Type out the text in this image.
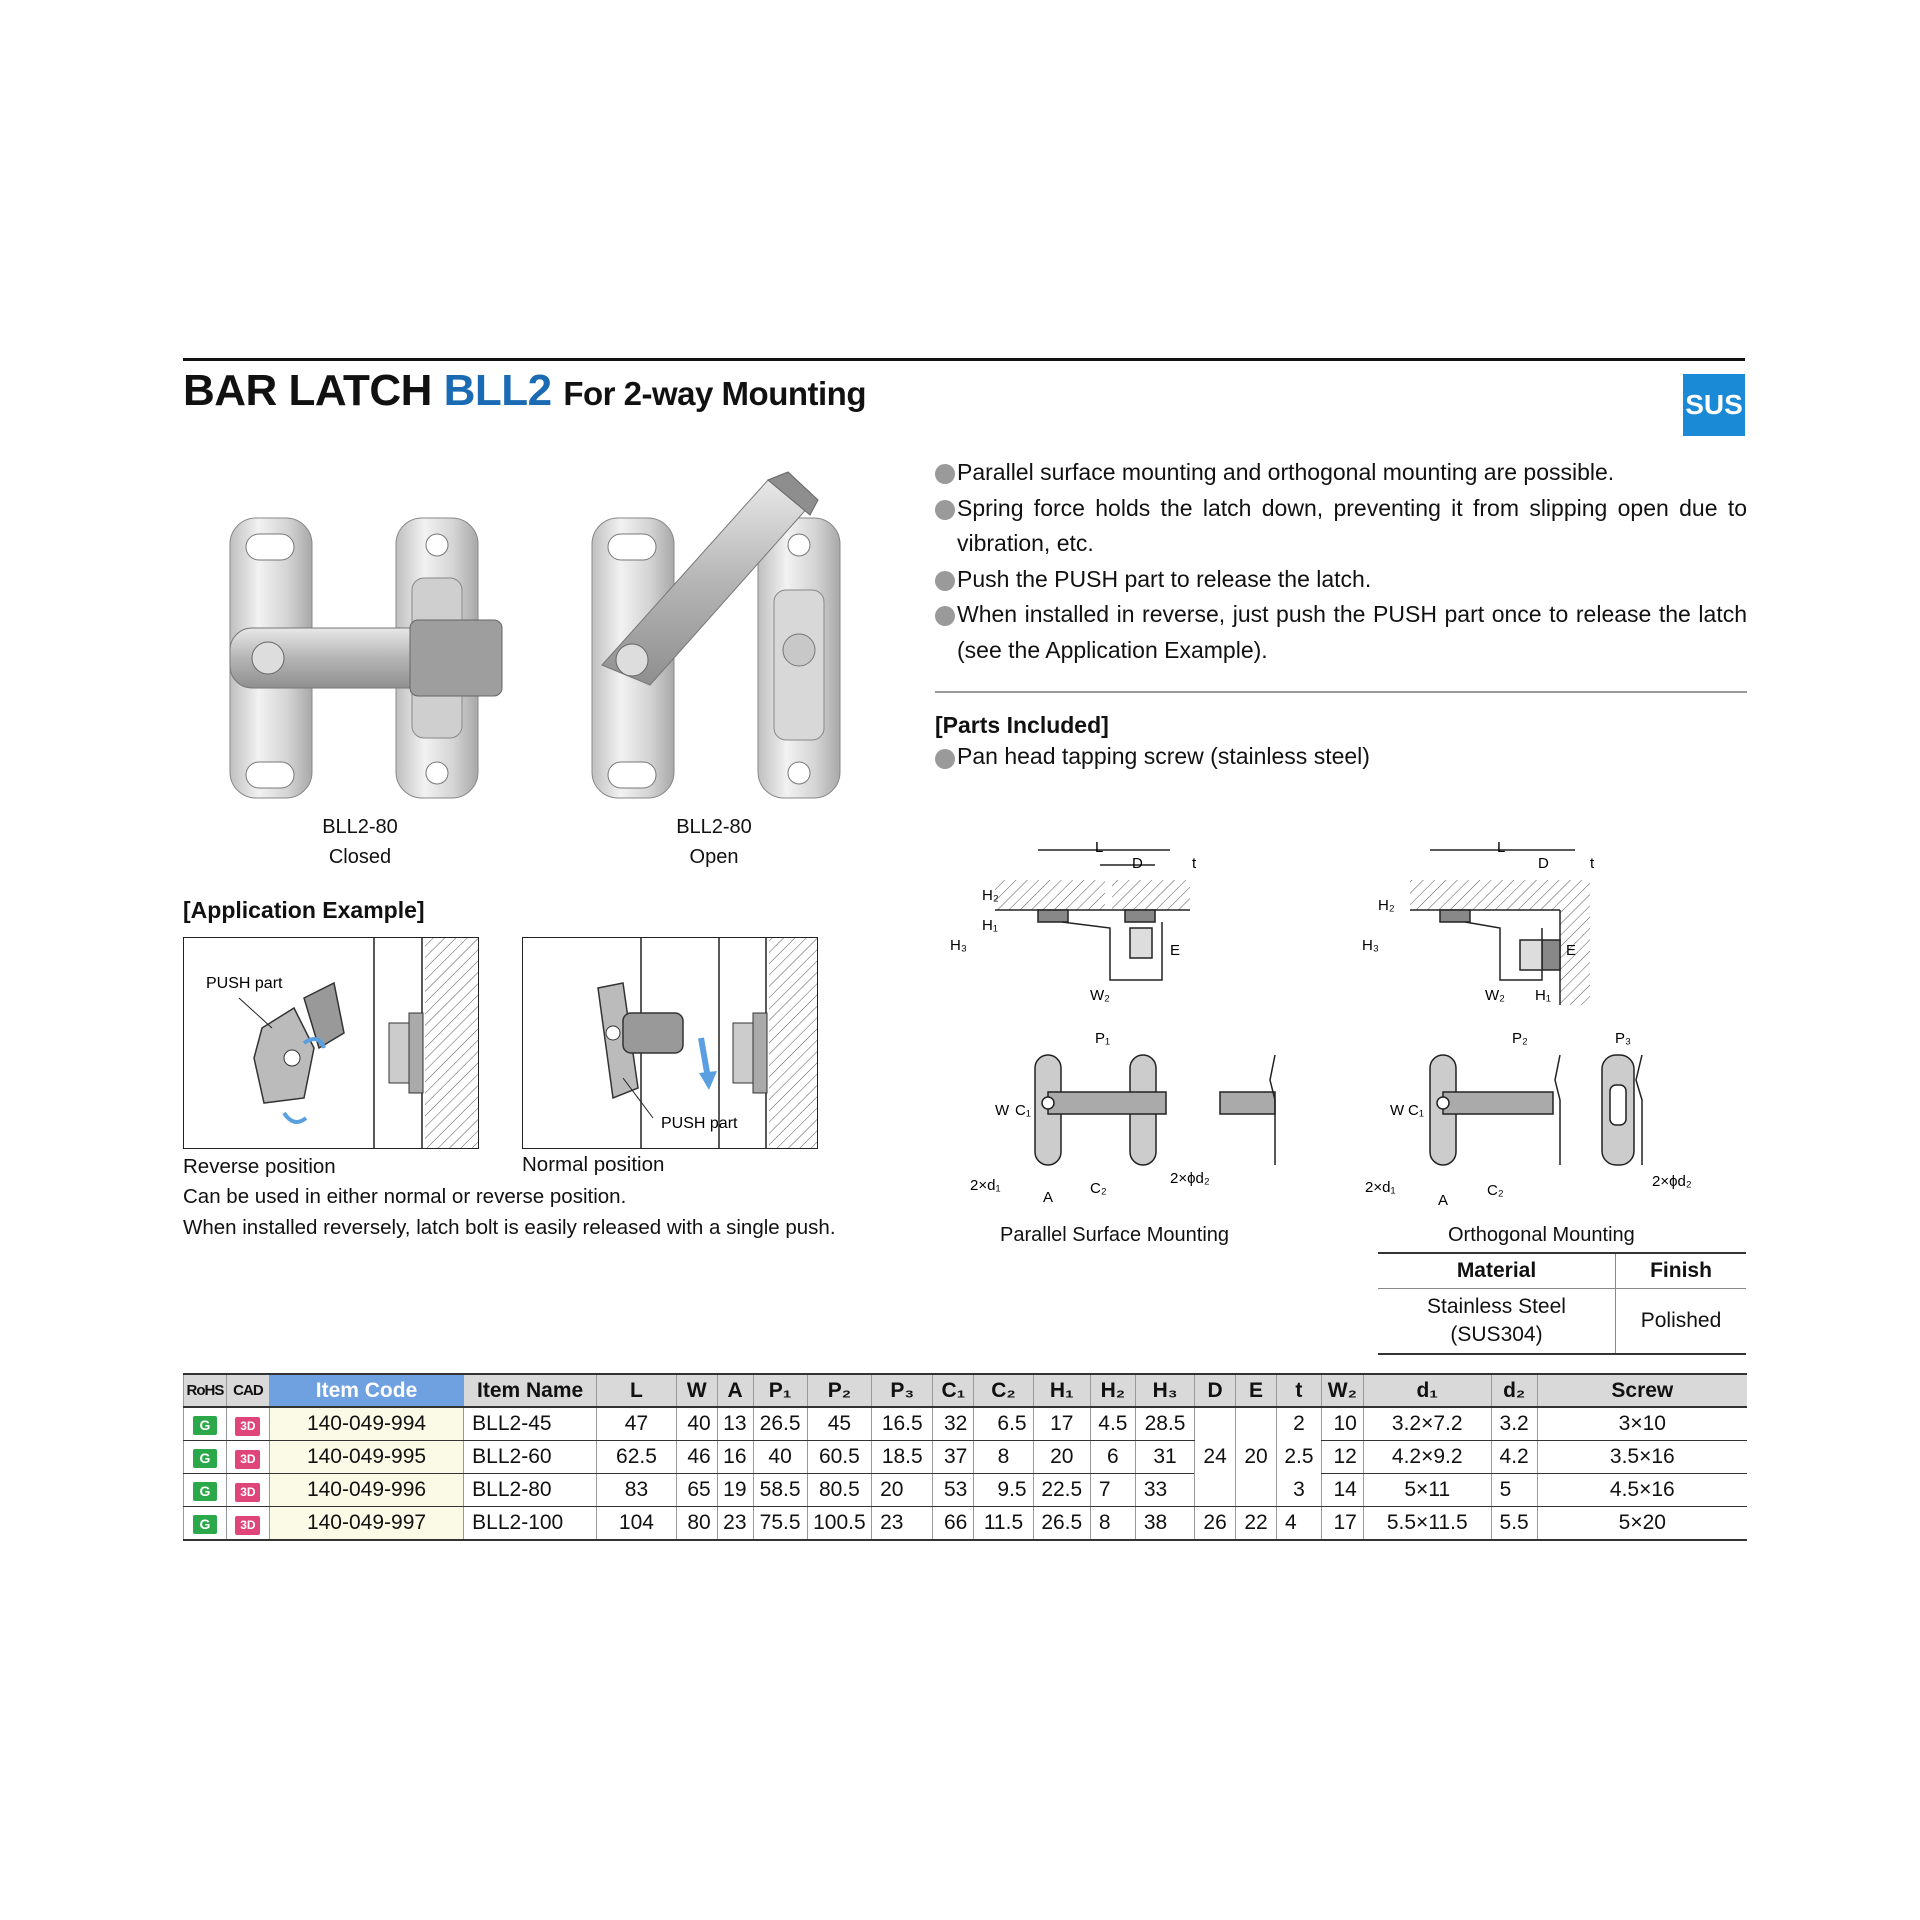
BAR LATCH BLL2 For 2-way Mounting	SUS
BLL2-80
Closed
BLL2-80
Open
Parallel surface mounting and orthogonal mounting are possible.
Spring force holds the latch down, preventing it from slipping open due to vibration, etc.
Push the PUSH part to release the latch.
When installed in reverse, just push the PUSH part once to release the latch (see the Application Example).
[Parts Included]
Pan head tapping screw (stainless steel)
[Application Example]
PUSH part
PUSH part
Reverse position	Normal position
Can be used in either normal or reverse position.
When installed reversely, latch bolt is easily released with a single push.
L
D	t
H₂
H₁
H₃	E
W₂
L
D	t
H₂
H₃	E
W₂ H₁
P₁
W C₁
2×d₁
A
C₂
2×ϕd₂
P₂	P₃
W C₁
2×d₁
A
C₂
2×ϕd₂
Parallel Surface Mounting	Orthogonal Mounting
Material	Finish

Stainless Steel
(SUS304)	Polished
RoHS	CAD	Item Code	Item Name	L	W	A	P₁	P₂	P₃	C₁	C₂	H₁	H₂	H₃	D	E	t	W₂	d₁	d₂	Screw
G	3D	140-049-994	BLL2-45	47	40	13	26.5	45	16.5	32	6.5	17	4.5	28.5	24	20	2	10	3.2×7.2	3.2	3×10
G	3D	140-049-995	BLL2-60	62.5	46	16	40	60.5	18.5	37	8	20	6	31			2.5	12	4.2×9.2	4.2	3.5×16
G	3D	140-049-996	BLL2-80	83	65	19	58.5	80.5	20	53	9.5	22.5	7	33			3	14	5×11	5	4.5×16
G	3D	140-049-997	BLL2-100	104	80	23	75.5	100.5	23	66	11.5	26.5	8	38	26	22	4	17	5.5×11.5	5.5	5×20
